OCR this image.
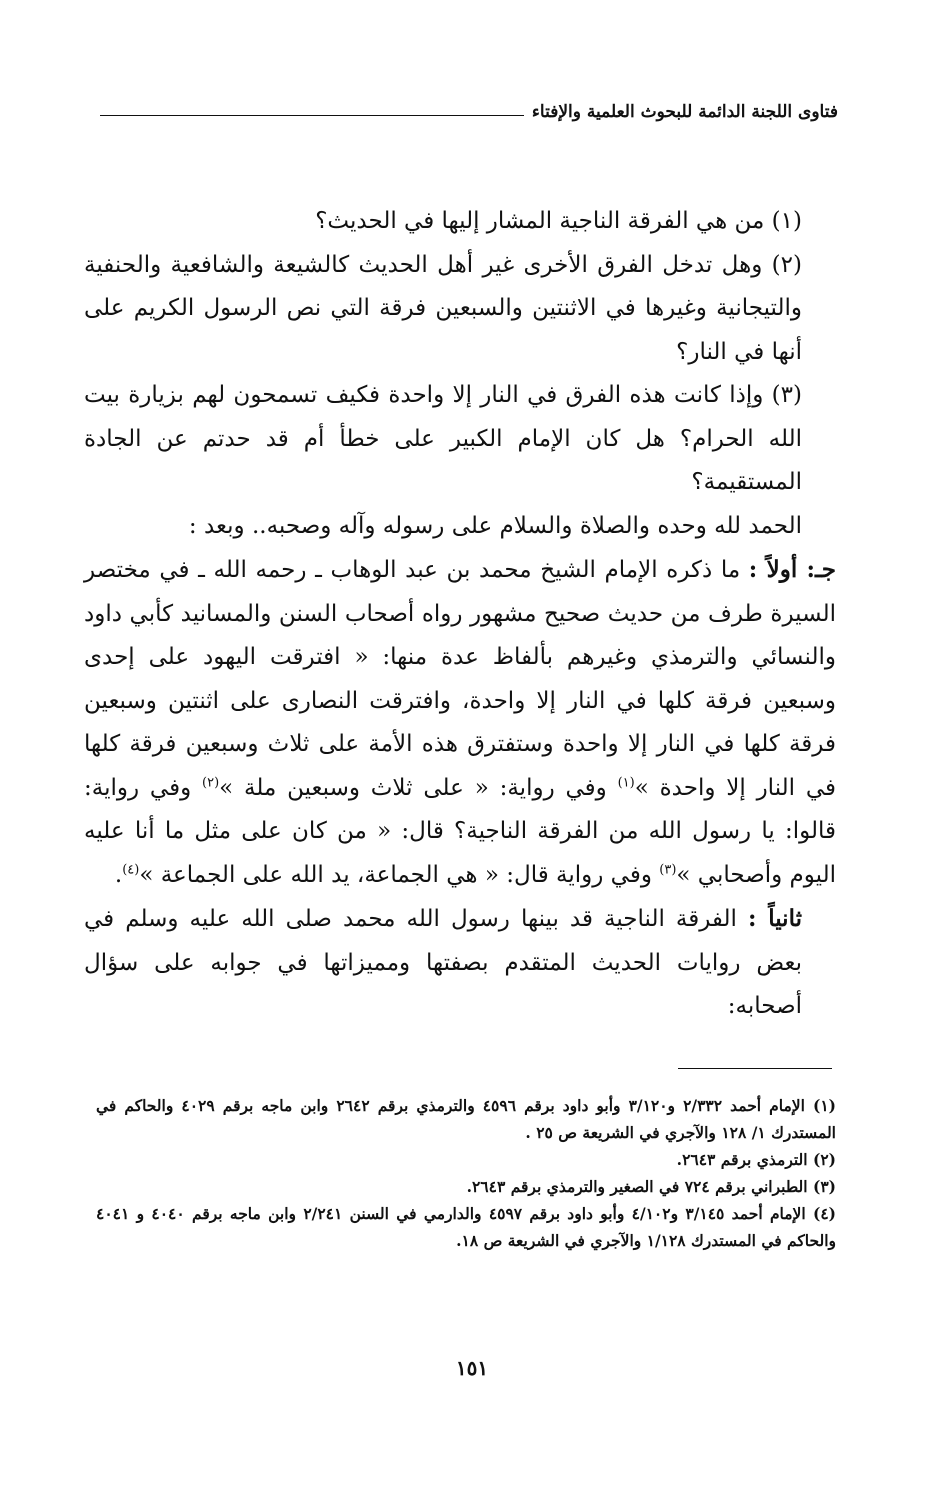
فتاوى اللجنة الدائمة للبحوث العلمية والإفتاء

(١) من هي الفرقة الناجية المشار إليها في الحديث؟

(٢) وهل تدخل الفرق الأخرى غير أهل الحديث كالشيعة والشافعية والحنفية والتيجانية وغيرها في الاثنتين والسبعين فرقة التي نص الرسول الكريم على أنها في النار؟

(٣) وإذا كانت هذه الفرق في النار إلا واحدة فكيف تسمحون لهم بزيارة بيت الله الحرام؟ هل كان الإمام الكبير على خطأ أم قد حدتم عن الجادة المستقيمة؟

الحمد لله وحده والصلاة والسلام على رسوله وآله وصحبه.. وبعد :

جـ: أولاً : ما ذكره الإمام الشيخ محمد بن عبد الوهاب ـ رحمه الله ـ في مختصر السيرة طرف من حديث صحيح مشهور رواه أصحاب السنن والمسانيد كأبي داود والنسائي والترمذي وغيرهم بألفاظ عدة منها: « افترقت اليهود على إحدى وسبعين فرقة كلها في النار إلا واحدة، وافترقت النصارى على اثنتين وسبعين فرقة كلها في النار إلا واحدة وستفترق هذه الأمة على ثلاث وسبعين فرقة كلها في النار إلا واحدة »$^{(١)}$ وفي رواية: « على ثلاث وسبعين ملة »$^{(٢)}$ وفي رواية: قالوا: يا رسول الله من الفرقة الناجية؟ قال: « من كان على مثل ما أنا عليه اليوم وأصحابي »$^{(٣)}$ وفي رواية قال: « هي الجماعة، يد الله على الجماعة »$^{(٤)}$.

ثانياً : الفرقة الناجية قد بينها رسول الله محمد صلى الله عليه وسلم في بعض روايات الحديث المتقدم بصفتها ومميزاتها في جوابه على سؤال أصحابه:

(١) الإمام أحمد ٢/٣٣٢ و٣/١٢٠ وأبو داود برقم ٤٥٩٦ والترمذي برقم ٢٦٤٢ وابن ماجه برقم ٤٠٢٩ والحاكم في المستدرك ١/ ١٢٨ والآجري في الشريعة ص ٢٥ .

(٢) الترمذي برقم ٢٦٤٣.

(٣) الطبراني برقم ٧٢٤ في الصغير والترمذي برقم ٢٦٤٣.

(٤) الإمام أحمد ٣/١٤٥ و٤/١٠٢ وأبو داود برقم ٤٥٩٧ والدارمي في السنن ٢/٢٤١ وابن ماجه برقم ٤٠٤٠ و ٤٠٤١ والحاكم في المستدرك ١/١٢٨ والآجري في الشريعة ص ١٨.

١٥١
